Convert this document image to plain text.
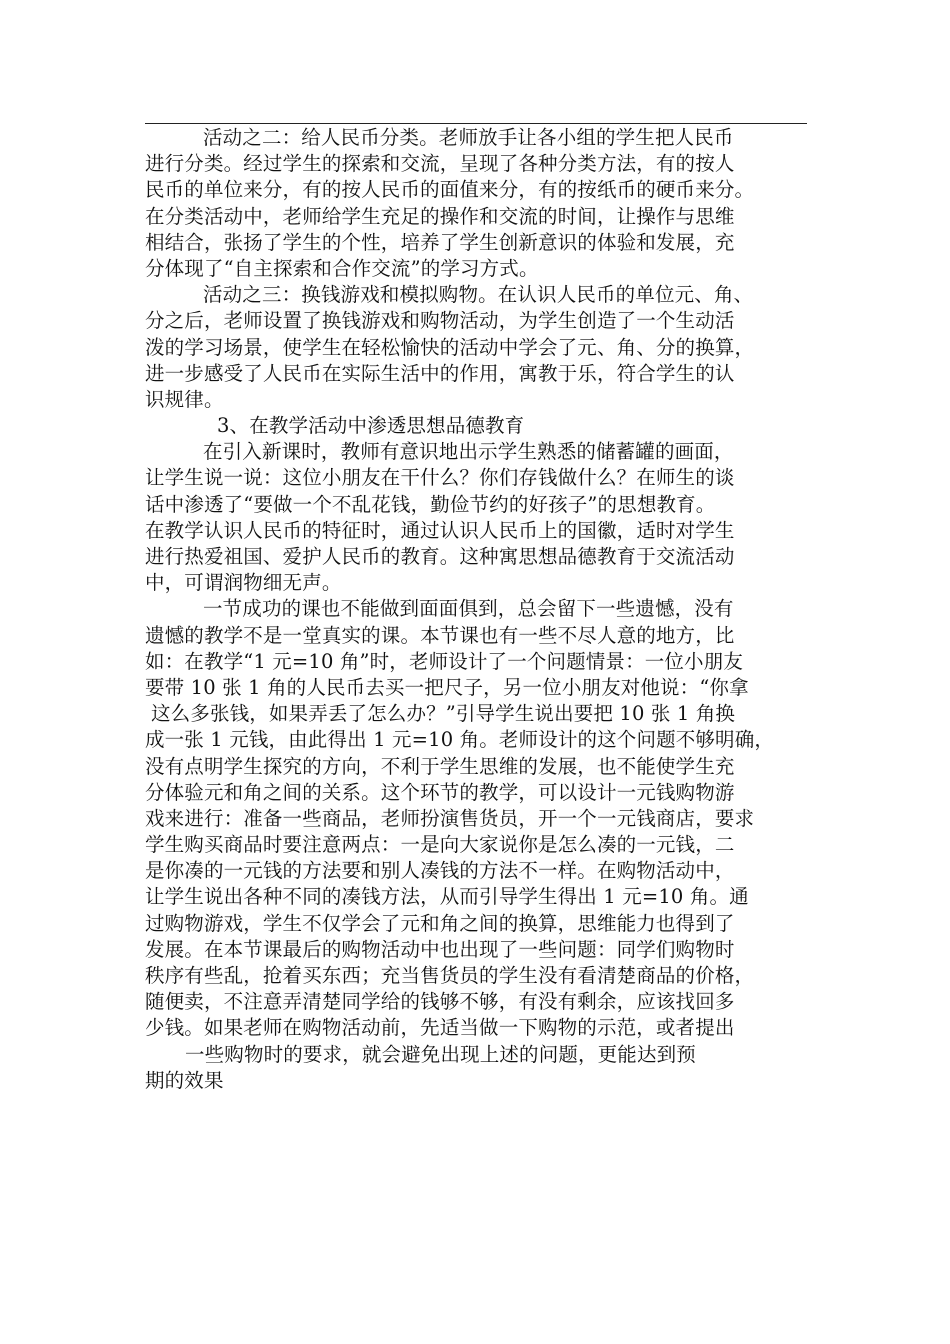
活动之二：给人民币分类。老师放手让各小组的学生把人民币
进行分类。经过学生的探索和交流，呈现了各种分类方法，有的按人
民币的单位来分，有的按人民币的面值来分，有的按纸币的硬币来分。
在分类活动中，老师给学生充足的操作和交流的时间，让操作与思维
相结合，张扬了学生的个性，培养了学生创新意识的体验和发展，充
分体现了“自主探索和合作交流”的学习方式。
活动之三：换钱游戏和模拟购物。在认识人民币的单位元、角、
分之后，老师设置了换钱游戏和购物活动，为学生创造了一个生动活
泼的学习场景，使学生在轻松愉快的活动中学会了元、角、分的换算，
进一步感受了人民币在实际生活中的作用，寓教于乐，符合学生的认
识规律。
3、在教学活动中渗透思想品德教育
在引入新课时，教师有意识地出示学生熟悉的储蓄罐的画面，
让学生说一说：这位小朋友在干什么？你们存钱做什么？在师生的谈
话中渗透了“要做一个不乱花钱，勤俭节约的好孩子”的思想教育。
在教学认识人民币的特征时，通过认识人民币上的国徽，适时对学生
进行热爱祖国、爱护人民币的教育。这种寓思想品德教育于交流活动
中，可谓润物细无声。
一节成功的课也不能做到面面俱到，总会留下一些遗憾，没有
遗憾的教学不是一堂真实的课。本节课也有一些不尽人意的地方，比
如：在教学“1 元=10 角”时，老师设计了一个问题情景：一位小朋友
要带 10 张 1 角的人民币去买一把尺子，另一位小朋友对他说：“你拿
这么多张钱，如果弄丢了怎么办？”引导学生说出要把 10 张 1 角换
成一张 1 元钱，由此得出 1 元=10 角。老师设计的这个问题不够明确，
没有点明学生探究的方向，不利于学生思维的发展，也不能使学生充
分体验元和角之间的关系。这个环节的教学，可以设计一元钱购物游
戏来进行：准备一些商品，老师扮演售货员，开一个一元钱商店，要求
学生购买商品时要注意两点：一是向大家说你是怎么凑的一元钱，二
是你凑的一元钱的方法要和别人凑钱的方法不一样。在购物活动中，
让学生说出各种不同的凑钱方法，从而引导学生得出 1 元=10 角。通
过购物游戏，学生不仅学会了元和角之间的换算，思维能力也得到了
发展。在本节课最后的购物活动中也出现了一些问题：同学们购物时
秩序有些乱，抢着买东西；充当售货员的学生没有看清楚商品的价格，
随便卖，不注意弄清楚同学给的钱够不够，有没有剩余，应该找回多
少钱。如果老师在购物活动前，先适当做一下购物的示范，或者提出
一些购物时的要求，就会避免出现上述的问题，更能达到预
期的效果
